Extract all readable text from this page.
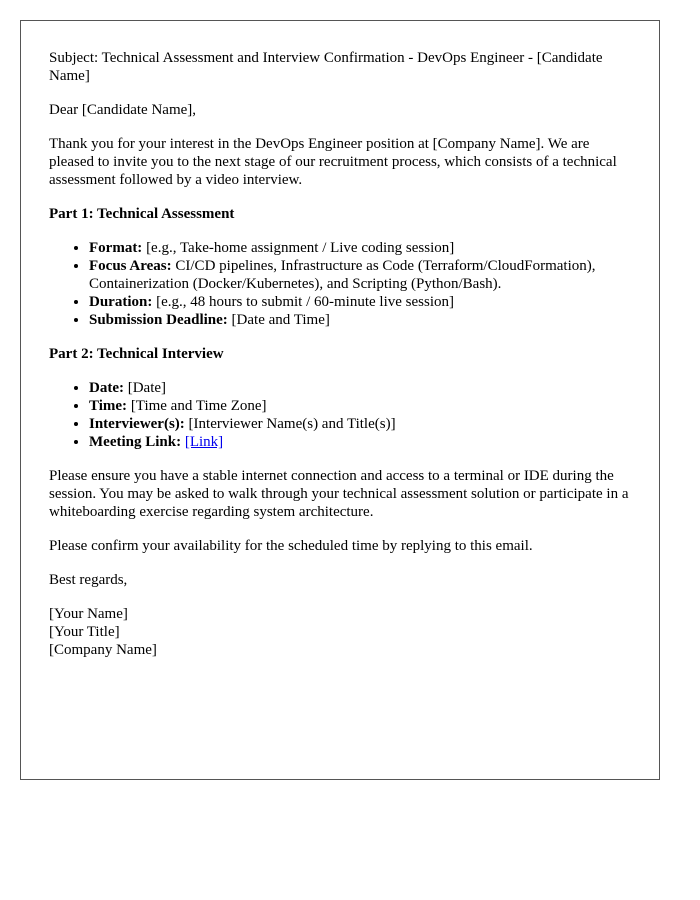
Subject: Technical Assessment and Interview Confirmation - DevOps Engineer - [Candidate Name]

Dear [Candidate Name],

Thank you for your interest in the DevOps Engineer position at [Company Name]. We are pleased to invite you to the next stage of our recruitment process, which consists of a technical assessment followed by a video interview.

Part 1: Technical Assessment
• Format: [e.g., Take-home assignment / Live coding session]
• Focus Areas: CI/CD pipelines, Infrastructure as Code (Terraform/CloudFormation), Containerization (Docker/Kubernetes), and Scripting (Python/Bash).
• Duration: [e.g., 48 hours to submit / 60-minute live session]
• Submission Deadline: [Date and Time]
Part 2: Technical Interview
• Date: [Date]
• Time: [Time and Time Zone]
• Interviewer(s): [Interviewer Name(s) and Title(s)]
• Meeting Link: [Link]

Please ensure you have a stable internet connection and access to a terminal or IDE during the session. You may be asked to walk through your technical assessment solution or participate in a whiteboarding exercise regarding system architecture.

Please confirm your availability for the scheduled time by replying to this email.

Best regards,

[Your Name]
[Your Title]
[Company Name]
